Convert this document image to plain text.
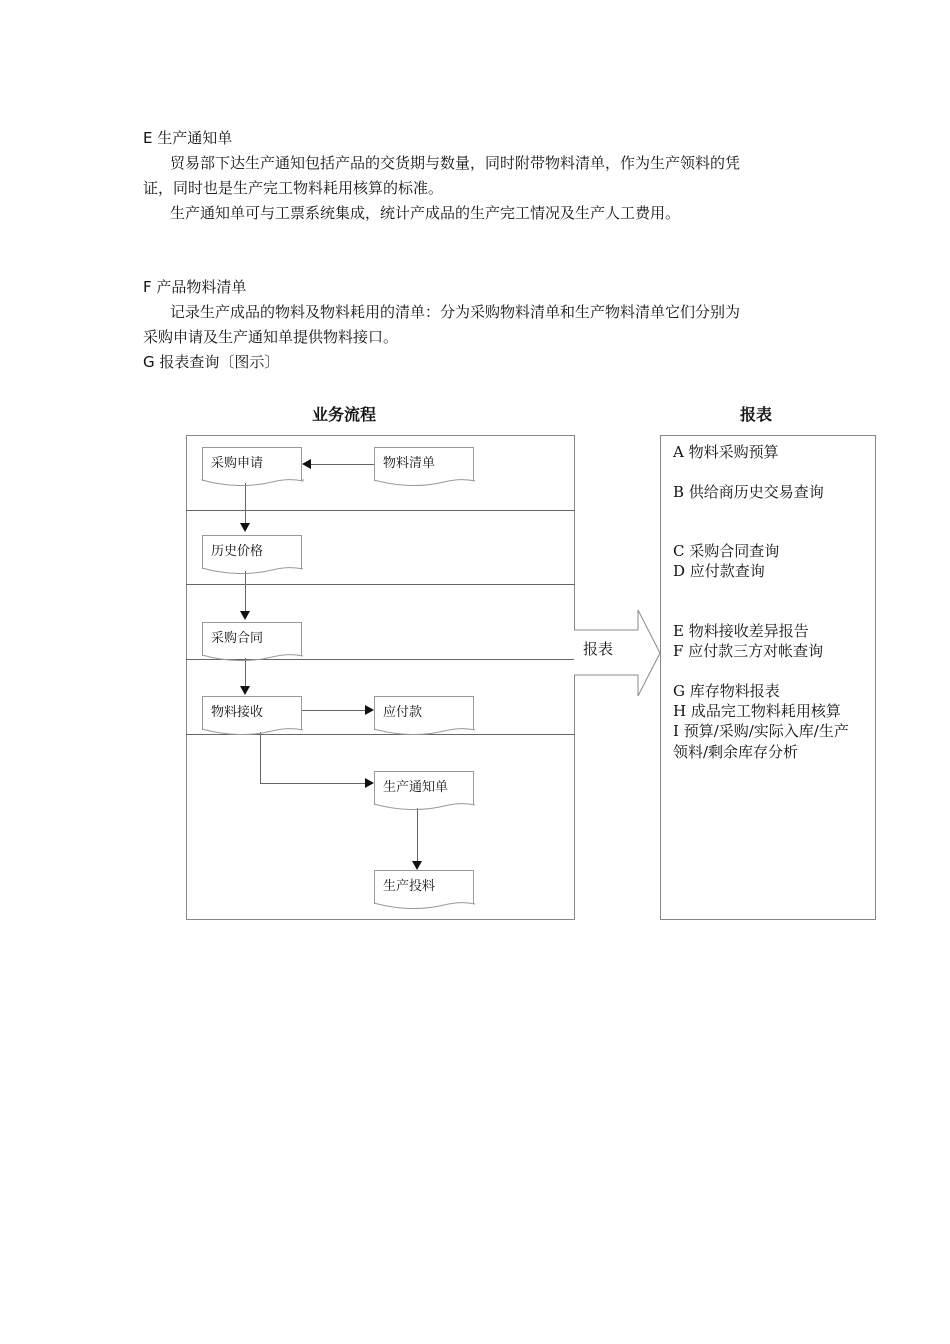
E 生产通知单
贸易部下达生产通知包括产品的交货期与数量，同时附带物料清单，作为生产领料的凭
证，同时也是生产完工物料耗用核算的标准。
生产通知单可与工票系统集成，统计产成品的生产完工情况及生产人工费用。
F 产品物料清单
记录生产成品的物料及物料耗用的清单：分为采购物料清单和生产物料清单它们分别为
采购申请及生产通知单提供物料接口。
G 报表查询〔图示〕
业务流程	报表
采购申请	物料清单
历史价格
采购合同
物料接收	应付款
生产通知单
生产投料
报表
A 物料采购预算
B 供给商历史交易查询
C 采购合同查询
D 应付款查询
E 物料接收差异报告
F 应付款三方对帐查询
G 库存物料报表
H 成品完工物料耗用核算
I 预算/采购/实际入库/生产
领料/剩余库存分析
